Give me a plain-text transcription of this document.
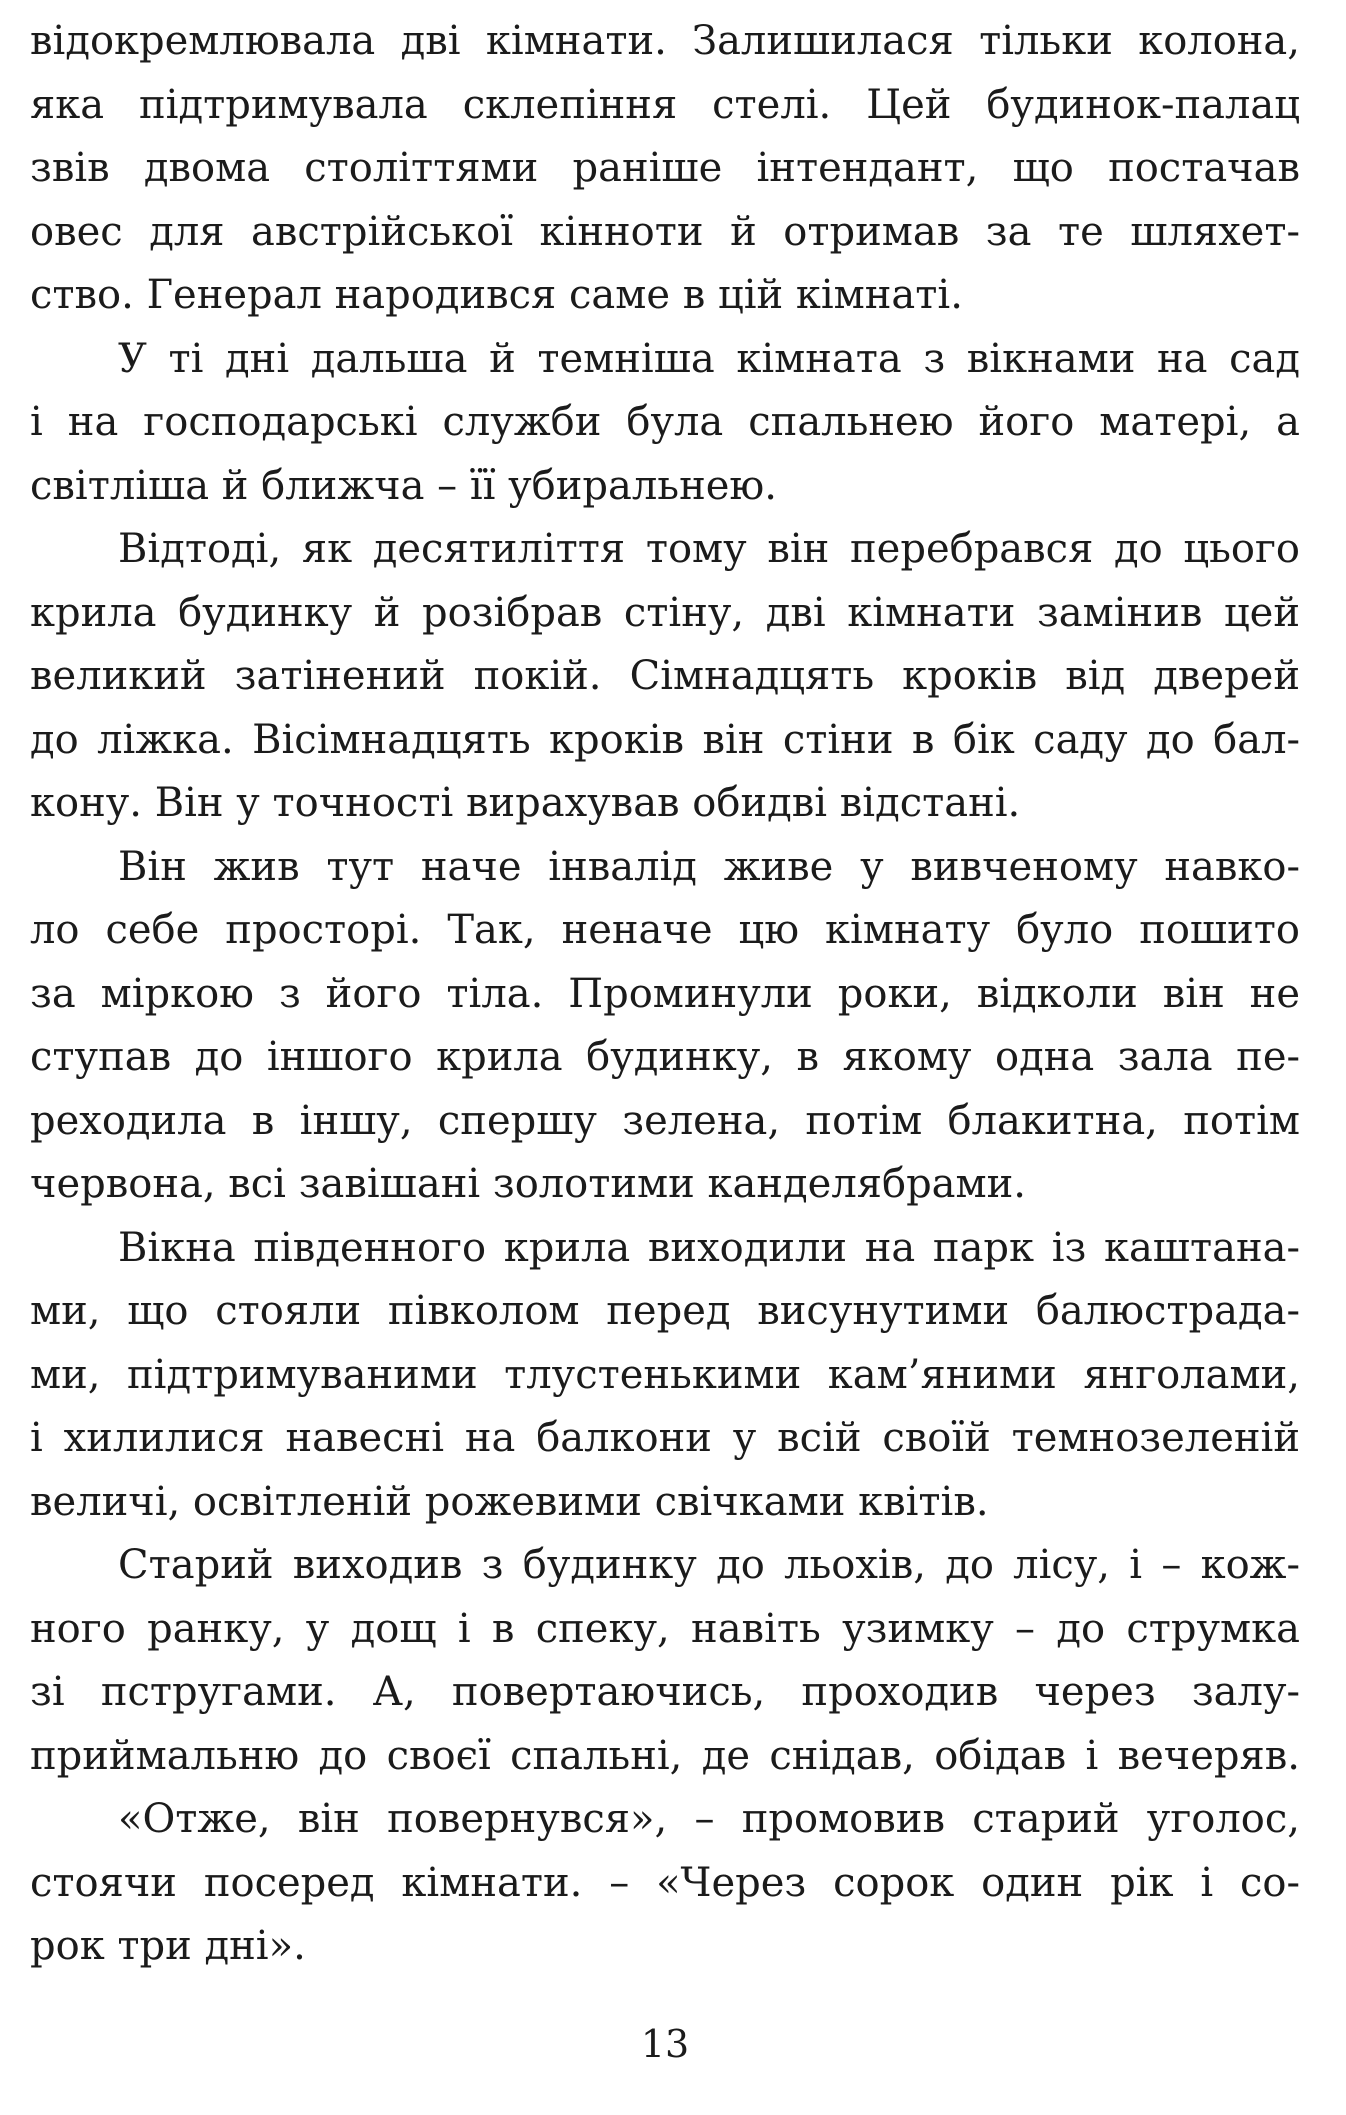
відокремлювала дві кімнати. Залишилася тільки колона,
яка підтримувала склепіння стелі. Цей будинок-палац
звів двома століттями раніше інтендант, що постачав
овес для австрійської кінноти й отримав за те шляхет-
ство. Генерал народився саме в цій кімнаті.
У ті дні дальша й темніша кімната з вікнами на сад
і на господарські служби була спальнею його матері, а
світліша й ближча – її убиральнею.
Відтоді, як десятиліття тому він перебрався до цього
крила будинку й розібрав стіну, дві кімнати замінив цей
великий затінений покій. Сімнадцять кроків від дверей
до ліжка. Вісімнадцять кроків він стіни в бік саду до бал-
кону. Він у точності вирахував обидві відстані.
Він жив тут наче інвалід живе у вивченому навко-
ло себе просторі. Так, неначе цю кімнату було пошито
за міркою з його тіла. Проминули роки, відколи він не
ступав до іншого крила будинку, в якому одна зала пе-
реходила в іншу, спершу зелена, потім блакитна, потім
червона, всі завішані золотими канделябрами.
Вікна південного крила виходили на парк із каштана-
ми, що стояли півколом перед висунутими балюстрада-
ми, підтримуваними тлустенькими кам’яними янголами,
і хилилися навесні на балкони у всій своїй темнозеленій
величі, освітленій рожевими свічками квітів.
Старий виходив з будинку до льохів, до лісу, і – кож-
ного ранку, у дощ і в спеку, навіть узимку – до струмка
зі пстругами. А, повертаючись, проходив через залу-
приймальню до своєї спальні, де снідав, обідав і вечеряв.
«Отже, він повернувся», – промовив старий уголос,
стоячи посеред кімнати. – «Через сорок один рік і со-
рок три дні».
13
